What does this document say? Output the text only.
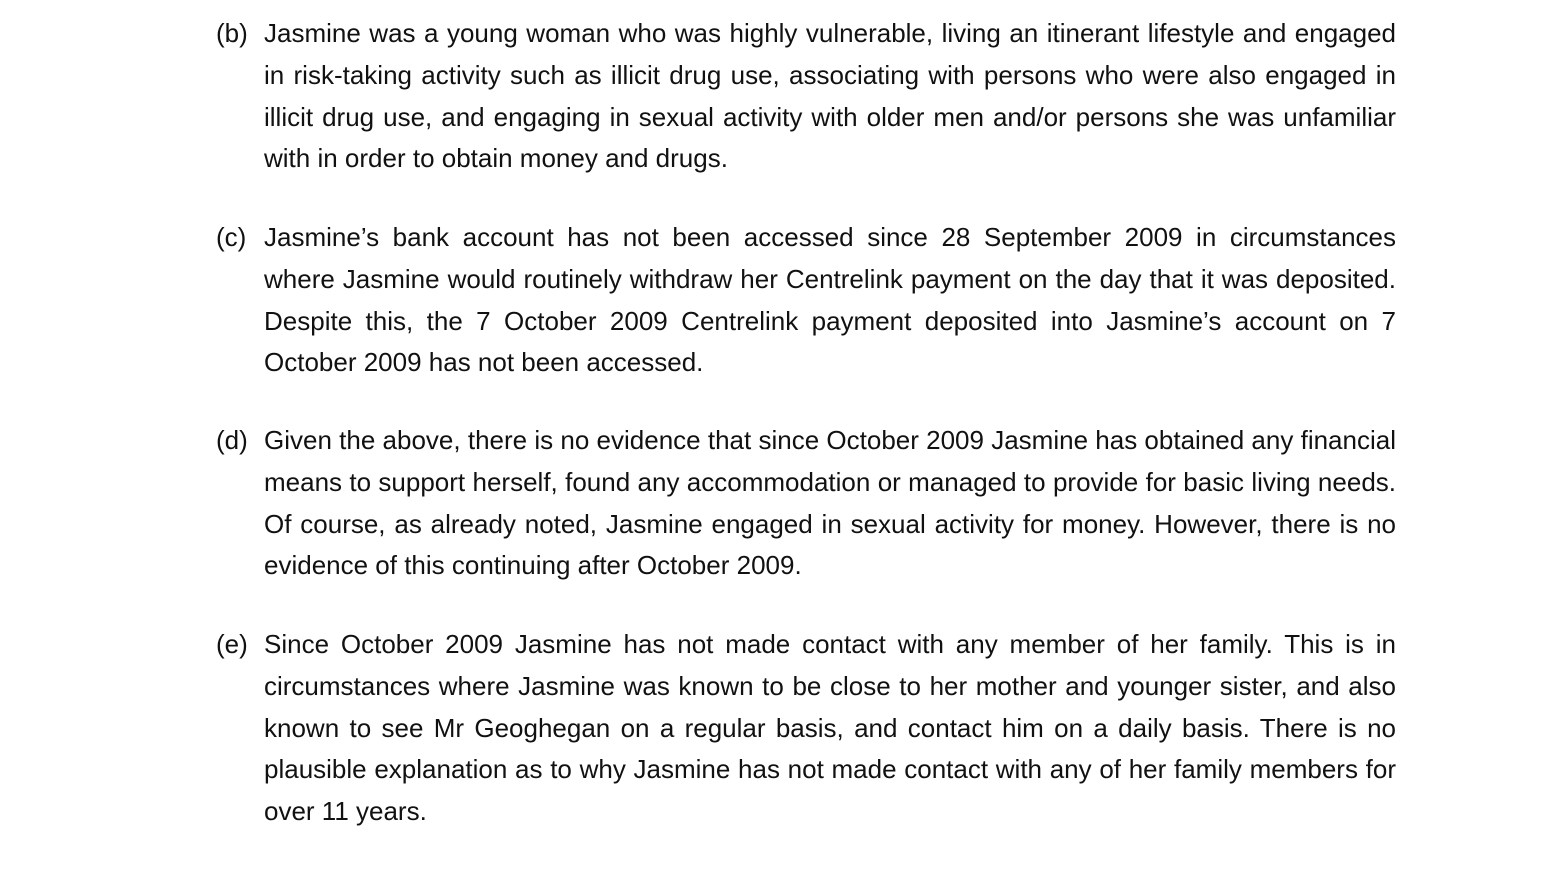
(b) Jasmine was a young woman who was highly vulnerable, living an itinerant lifestyle and engaged in risk-taking activity such as illicit drug use, associating with persons who were also engaged in illicit drug use, and engaging in sexual activity with older men and/or persons she was unfamiliar with in order to obtain money and drugs.
(c) Jasmine’s bank account has not been accessed since 28 September 2009 in circumstances where Jasmine would routinely withdraw her Centrelink payment on the day that it was deposited. Despite this, the 7 October 2009 Centrelink payment deposited into Jasmine’s account on 7 October 2009 has not been accessed.
(d) Given the above, there is no evidence that since October 2009 Jasmine has obtained any financial means to support herself, found any accommodation or managed to provide for basic living needs. Of course, as already noted, Jasmine engaged in sexual activity for money. However, there is no evidence of this continuing after October 2009.
(e) Since October 2009 Jasmine has not made contact with any member of her family. This is in circumstances where Jasmine was known to be close to her mother and younger sister, and also known to see Mr Geoghegan on a regular basis, and contact him on a daily basis. There is no plausible explanation as to why Jasmine has not made contact with any of her family members for over 11 years.
